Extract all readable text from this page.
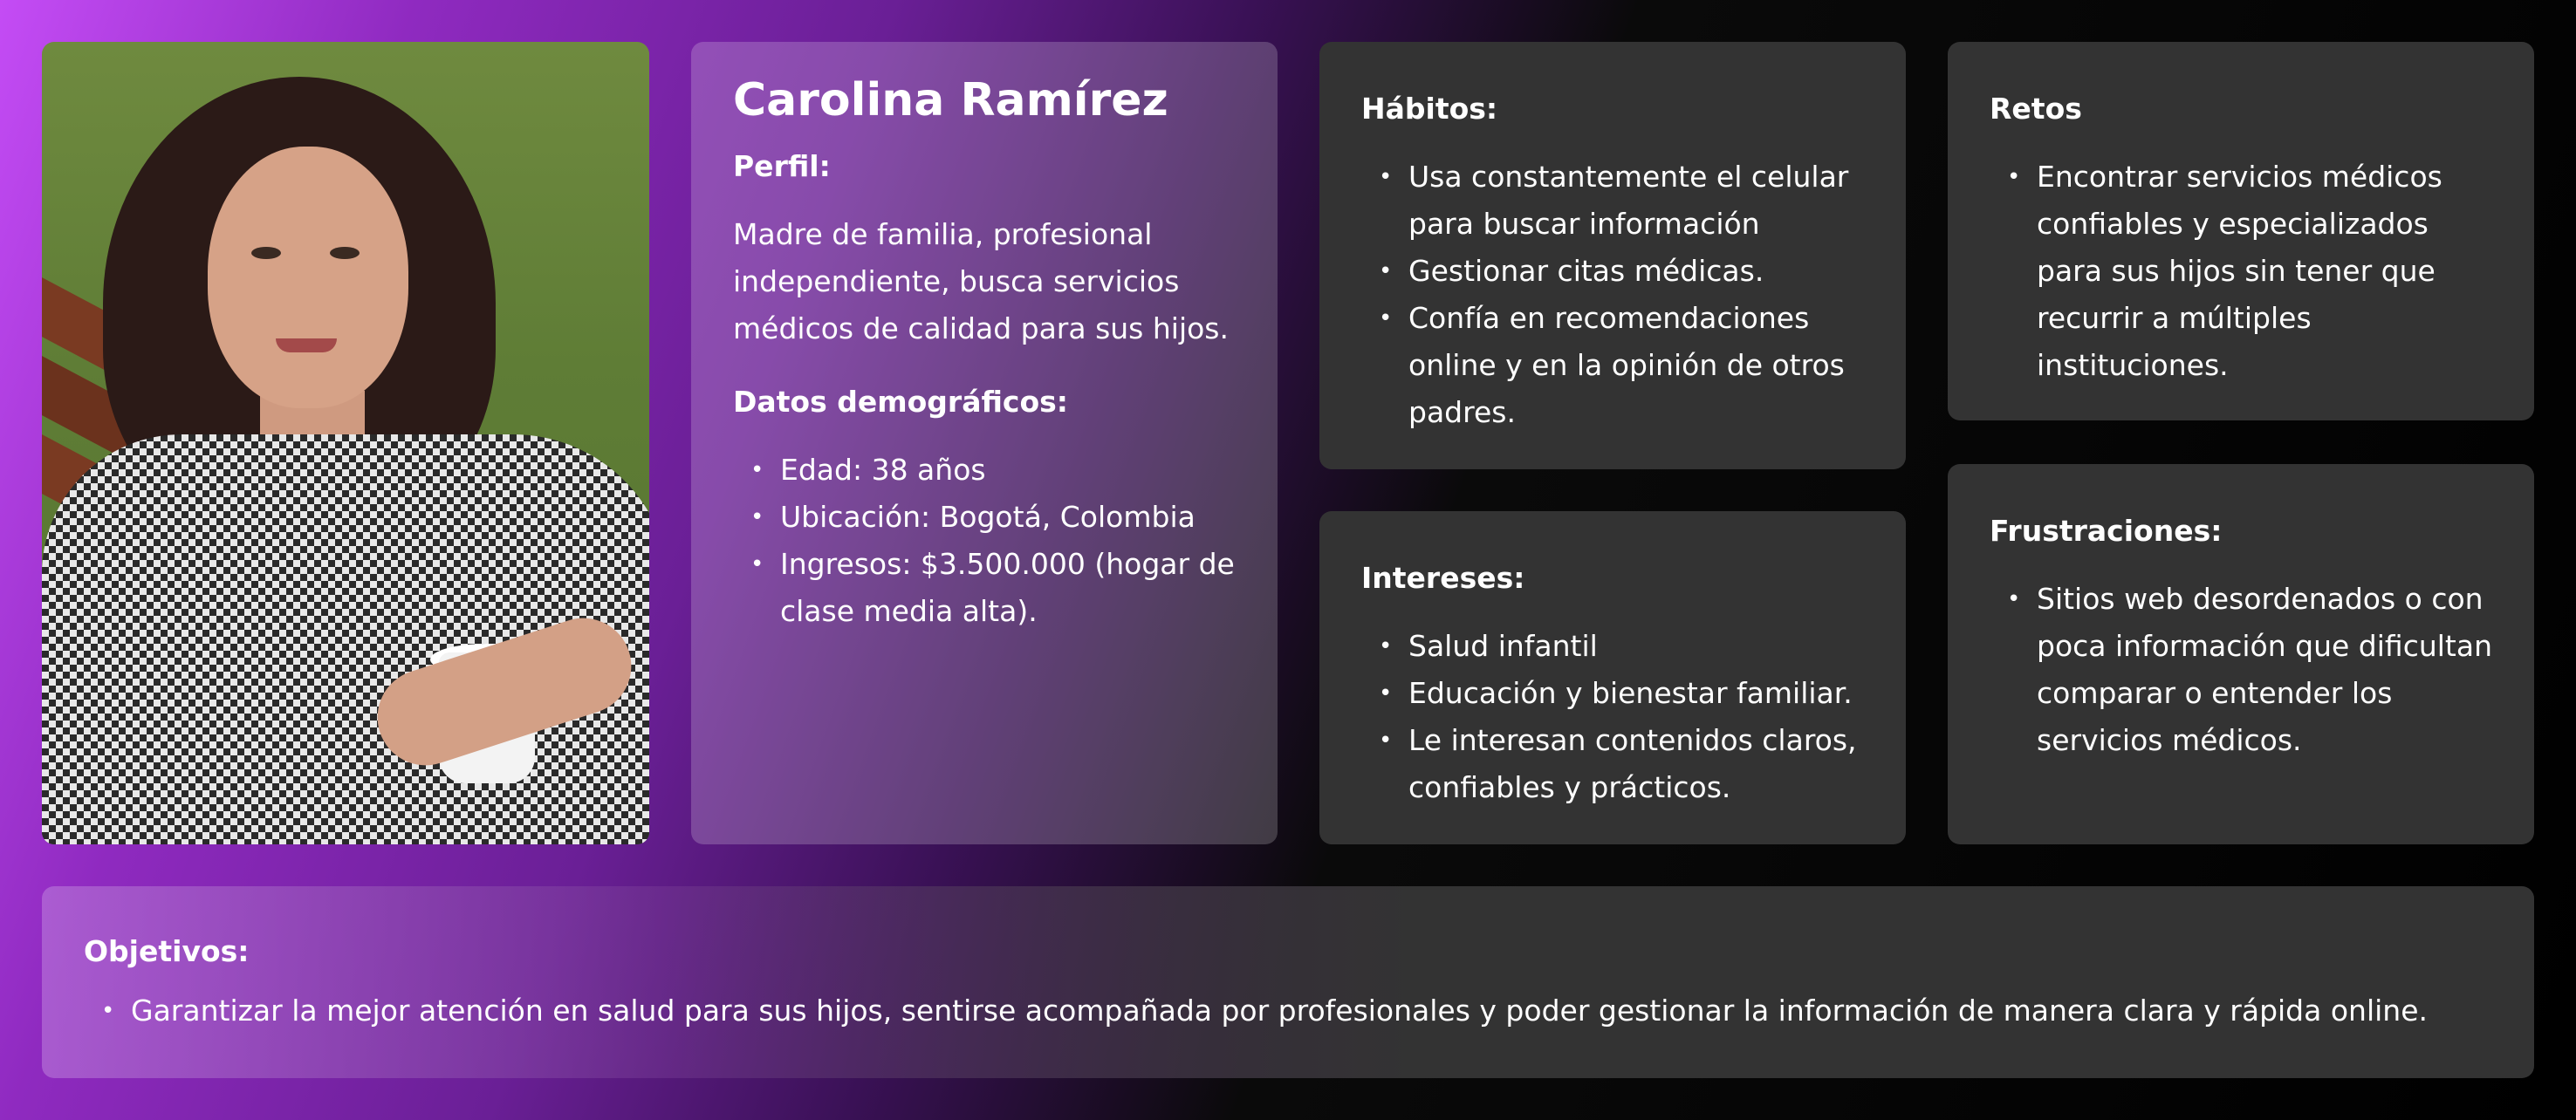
Carolina Ramírez
Perfil:
Madre de familia, profesional independiente, busca servicios médicos de calidad para sus hijos.
Datos demográficos:
• Edad: 38 años
• Ubicación: Bogotá, Colombia
• Ingresos: $3.500.000 (hogar de clase media alta).
Hábitos:
• Usa constantemente el celular para buscar información
• Gestionar citas médicas.
• Confía en recomendaciones online y en la opinión de otros padres.
Intereses:
• Salud infantil
• Educación y bienestar familiar.
• Le interesan contenidos claros, confiables y prácticos.
Retos
• Encontrar servicios médicos confiables y especializados para sus hijos sin tener que recurrir a múltiples instituciones.
Frustraciones:
• Sitios web desordenados o con poca información que dificultan comparar o entender los servicios médicos.
Objetivos:
• Garantizar la mejor atención en salud para sus hijos, sentirse acompañada por profesionales y poder gestionar la información de manera clara y rápida online.
